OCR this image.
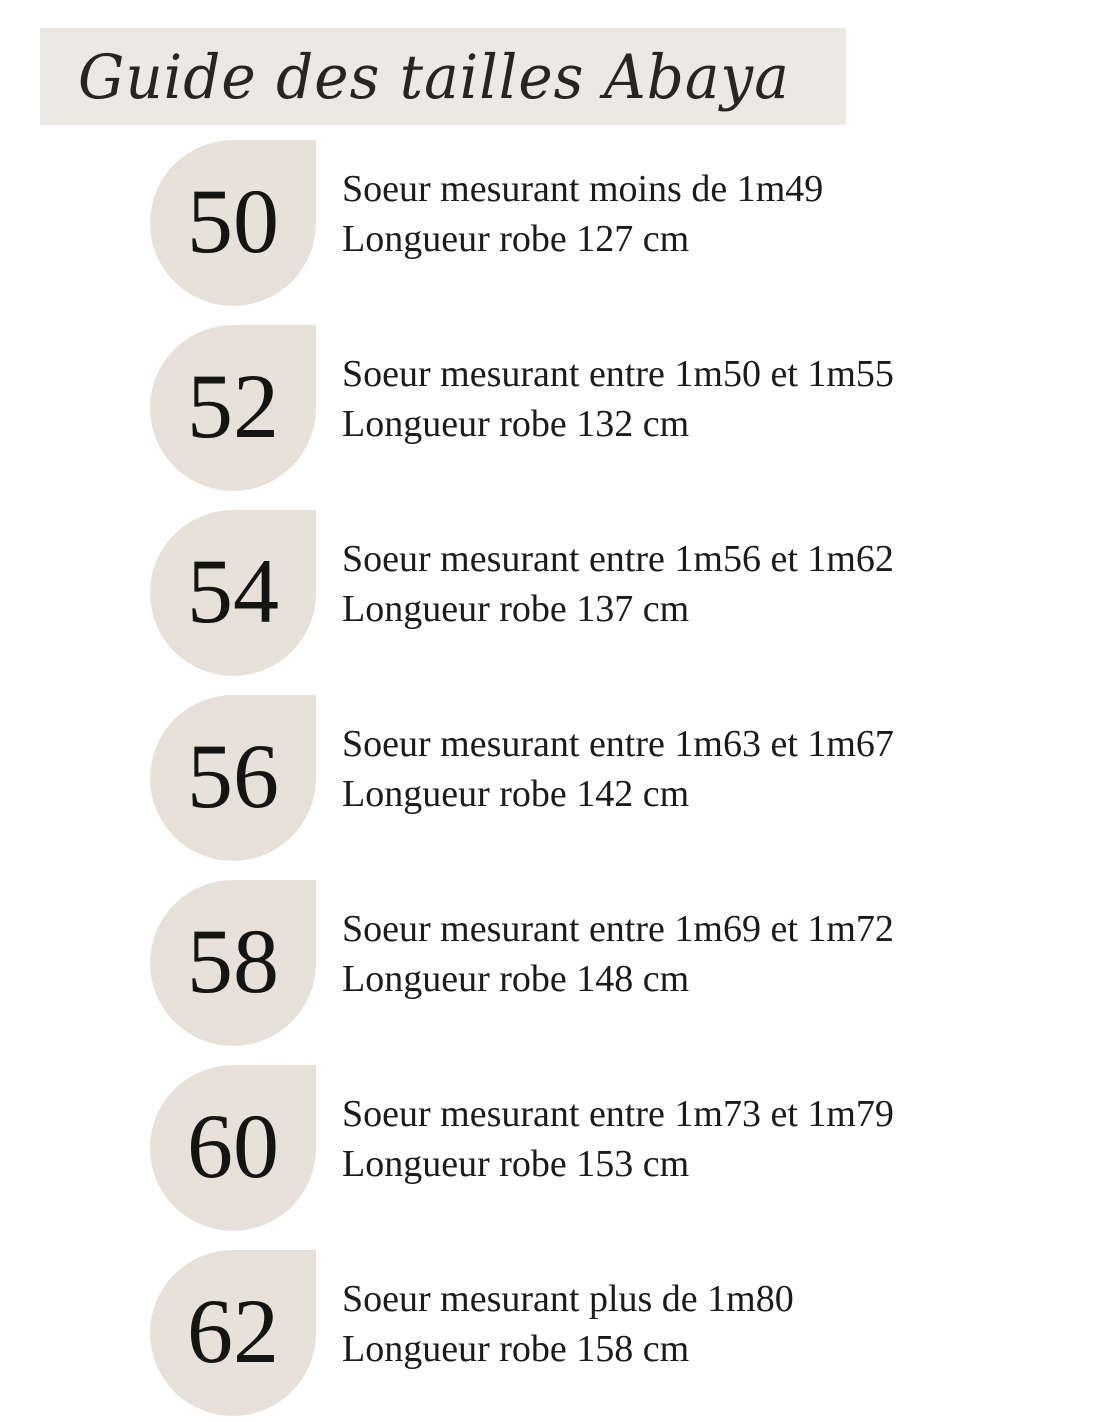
Guide des tailles Abaya
50 Soeur mesurant moins de 1m49
Longueur robe 127 cm
52 Soeur mesurant entre 1m50 et 1m55
Longueur robe 132 cm
54 Soeur mesurant entre 1m56 et 1m62
Longueur robe 137 cm
56 Soeur mesurant entre 1m63 et 1m67
Longueur robe 142 cm
58 Soeur mesurant entre 1m69 et 1m72
Longueur robe 148 cm
60 Soeur mesurant entre 1m73 et 1m79
Longueur robe 153 cm
62 Soeur mesurant plus de 1m80
Longueur robe 158 cm
